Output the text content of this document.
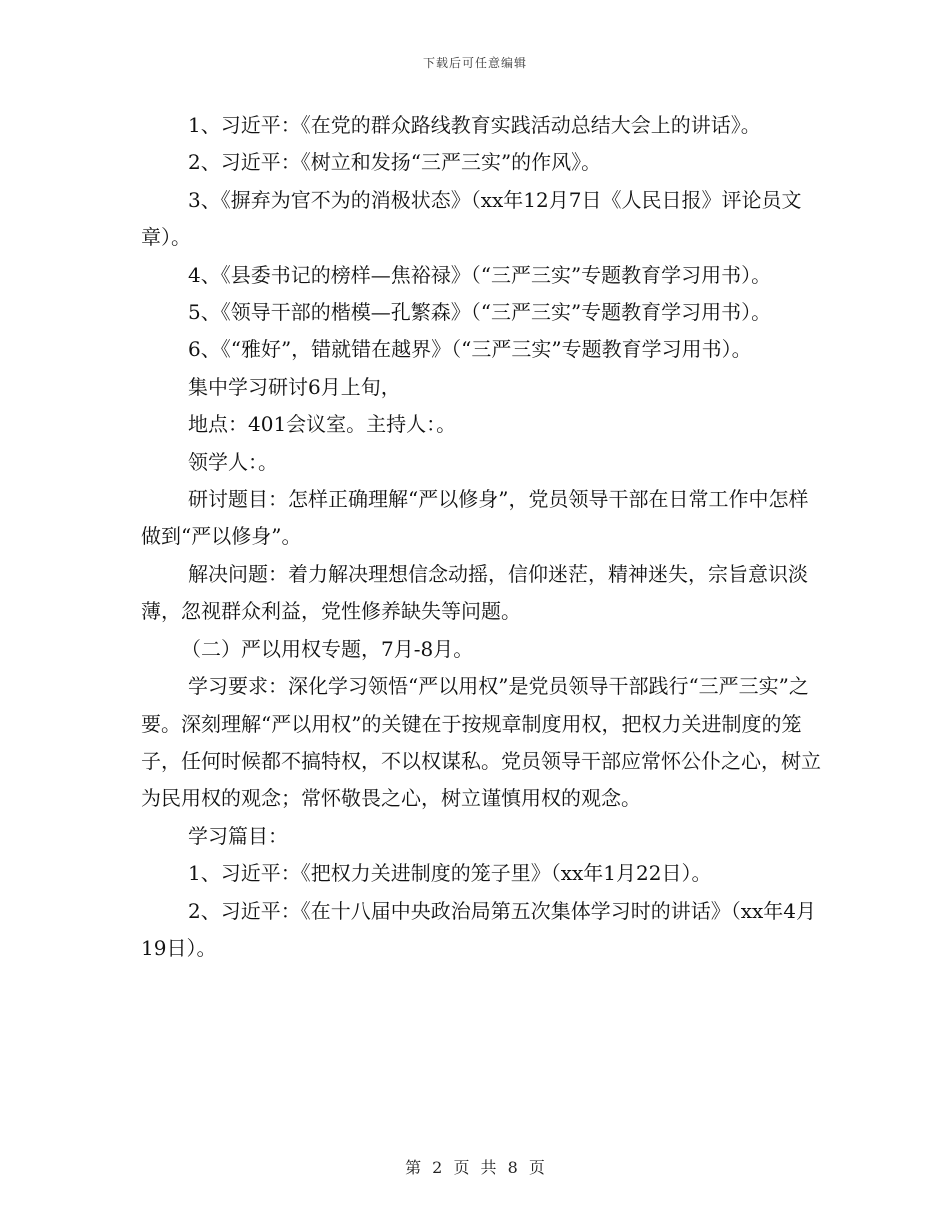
下载后可任意编辑

1、习近平：《在党的群众路线教育实践活动总结大会上的讲话》。

2、习近平：《树立和发扬“三严三实”的作风》。

3、《摒弃为官不为的消极状态》（xx年12月7日《人民日报》评论员文章）。

4、《县委书记的榜样—焦裕禄》（“三严三实”专题教育学习用书）。

5、《领导干部的楷模—孔繁森》（“三严三实”专题教育学习用书）。

6、《“雅好”，错就错在越界》（“三严三实”专题教育学习用书）。

集中学习研讨6月上旬，

地点：401会议室。主持人：。

领学人：。

研讨题目：怎样正确理解“严以修身”，党员领导干部在日常工作中怎样做到“严以修身”。

解决问题：着力解决理想信念动摇，信仰迷茫，精神迷失，宗旨意识淡薄，忽视群众利益，党性修养缺失等问题。

（二）严以用权专题，7月-8月。

学习要求：深化学习领悟“严以用权”是党员领导干部践行“三严三实”之要。深刻理解“严以用权”的关键在于按规章制度用权，把权力关进制度的笼子，任何时候都不搞特权，不以权谋私。党员领导干部应常怀公仆之心，树立为民用权的观念；常怀敬畏之心，树立谨慎用权的观念。

学习篇目：

1、习近平：《把权力关进制度的笼子里》（xx年1月22日）。

2、习近平：《在十八届中央政治局第五次集体学习时的讲话》（xx年4月19日）。

第 2 页 共 8 页
